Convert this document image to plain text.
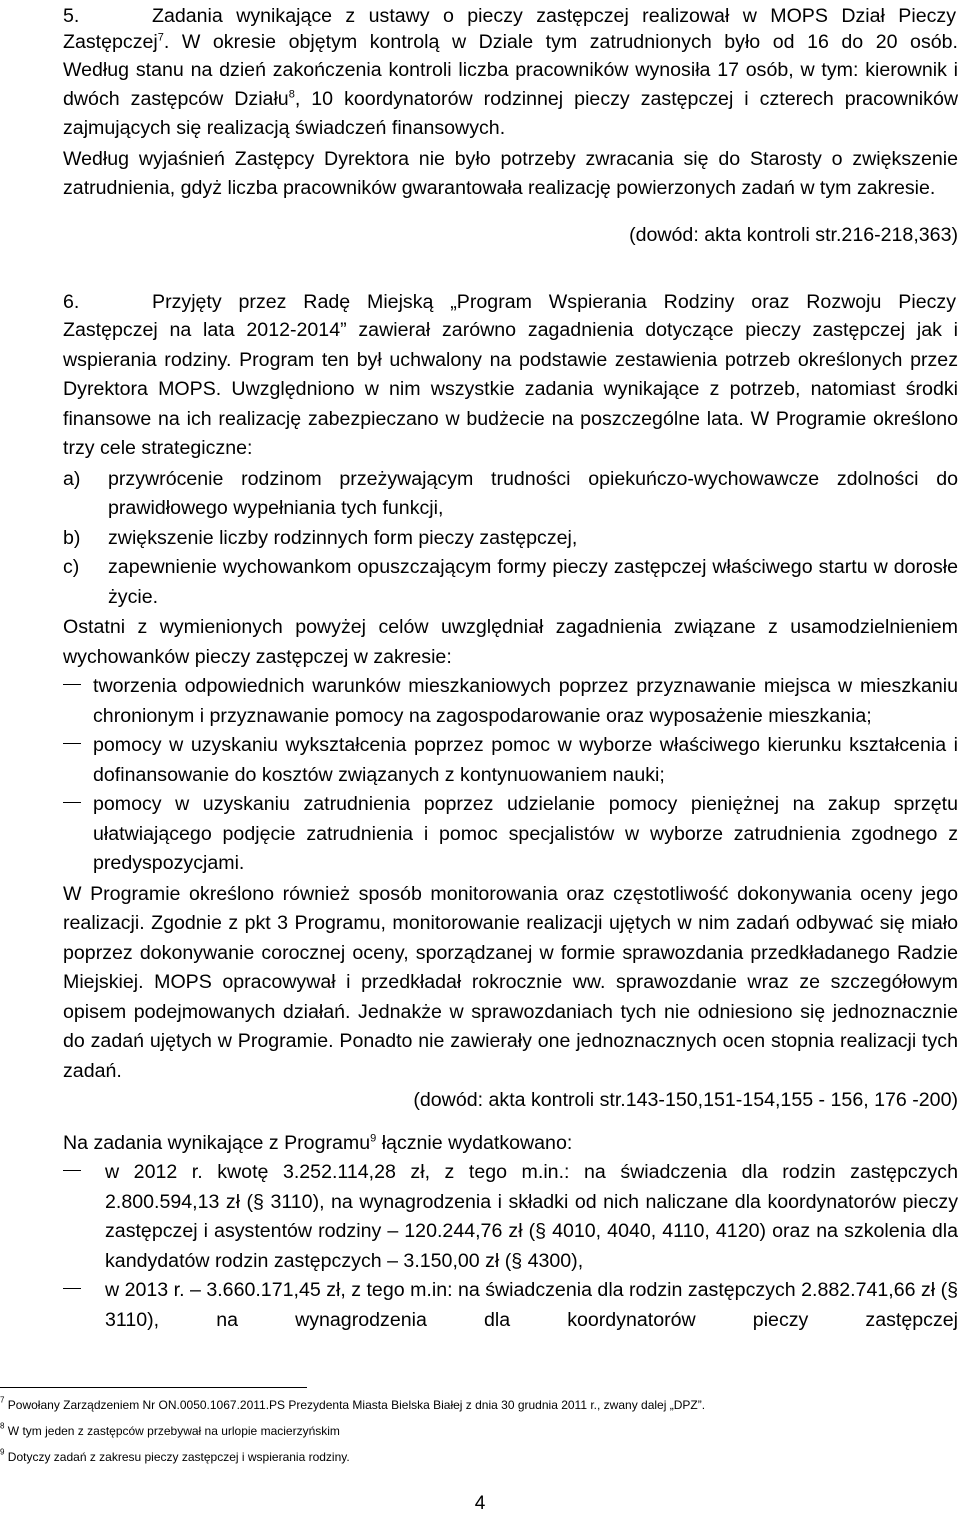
5.	Zadania wynikające z ustawy o pieczy zastępczej realizował w MOPS Dział Pieczy

Zastępczej$^7$. W okresie objętym kontrolą w Dziale tym zatrudnionych było od 16 do 20 osób.

Według stanu na dzień zakończenia kontroli liczba pracowników wynosiła 17 osób, w tym: kierownik i dwóch zastępców Działu$^8$, 10 koordynatorów rodzinnej pieczy zastępczej i czterech pracowników zajmujących się realizacją świadczeń finansowych.

Według wyjaśnień Zastępcy Dyrektora nie było potrzeby zwracania się do Starosty o zwiększenie zatrudnienia, gdyż liczba pracowników gwarantowała realizację powierzonych zadań w tym zakresie.

(dowód: akta kontroli str.216-218,363)

6.	Przyjęty przez Radę Miejską „Program Wspierania Rodziny oraz Rozwoju Pieczy

Zastępczej na lata 2012-2014” zawierał zarówno zagadnienia dotyczące pieczy zastępczej jak i wspierania rodziny. Program ten był uchwalony na podstawie zestawienia potrzeb określonych przez Dyrektora MOPS. Uwzględniono w nim wszystkie zadania wynikające z potrzeb, natomiast środki finansowe na ich realizację zabezpieczano w budżecie na poszczególne lata. W Programie określono trzy cele strategiczne:

a)	przywrócenie rodzinom przeżywającym trudności opiekuńczo-wychowawcze zdolności do prawidłowego wypełniania tych funkcji,
b)	zwiększenie liczby rodzinnych form pieczy zastępczej,
c)	zapewnienie wychowankom opuszczającym formy pieczy zastępczej właściwego startu w dorosłe życie.

Ostatni z wymienionych powyżej celów uwzględniał zagadnienia związane z usamodzielnieniem wychowanków pieczy zastępczej w zakresie:

tworzenia odpowiednich warunków mieszkaniowych poprzez przyznawanie miejsca w mieszkaniu chronionym i przyznawanie pomocy na zagospodarowanie oraz wyposażenie mieszkania;
pomocy w uzyskaniu wykształcenia poprzez pomoc w wyborze właściwego kierunku kształcenia i dofinansowanie do kosztów związanych z kontynuowaniem nauki;
pomocy w uzyskaniu zatrudnienia poprzez udzielanie pomocy pieniężnej na zakup sprzętu ułatwiającego podjęcie zatrudnienia i pomoc specjalistów w wyborze zatrudnienia zgodnego z predyspozycjami.

W Programie określono również sposób monitorowania oraz częstotliwość dokonywania oceny jego realizacji. Zgodnie z pkt 3 Programu, monitorowanie realizacji ujętych w nim zadań odbywać się miało poprzez dokonywanie corocznej oceny, sporządzanej w formie sprawozdania przedkładanego Radzie Miejskiej. MOPS opracowywał i przedkładał rokrocznie ww. sprawozdanie wraz ze szczegółowym opisem podejmowanych działań. Jednakże w sprawozdaniach tych nie odniesiono się jednoznacznie do zadań ujętych w Programie. Ponadto nie zawierały one jednoznacznych ocen stopnia realizacji tych zadań.

(dowód: akta kontroli str.143-150,151-154,155 - 156, 176 -200)

Na zadania wynikające z Programu$^9$ łącznie wydatkowano:

w 2012 r. kwotę 3.252.114,28 zł, z tego m.in.: na świadczenia dla rodzin zastępczych 2.800.594,13 zł (§ 3110), na wynagrodzenia i składki od nich naliczane dla koordynatorów pieczy zastępczej i asystentów rodziny – 120.244,76 zł (§ 4010, 4040, 4110, 4120) oraz na szkolenia dla kandydatów rodzin zastępczych – 3.150,00 zł (§ 4300),
w 2013 r. – 3.660.171,45 zł, z tego m.in: na świadczenia dla rodzin zastępczych 2.882.741,66 zł (§ 3110), na wynagrodzenia dla koordynatorów pieczy zastępczej
$^7$ Powołany Zarządzeniem Nr ON.0050.1067.2011.PS Prezydenta Miasta Bielska Białej z dnia 30 grudnia 2011 r., zwany dalej „DPZ”.
$^8$ W tym jeden z zastępców przebywał na urlopie macierzyńskim
$^9$ Dotyczy zadań z zakresu pieczy zastępczej i wspierania rodziny.
4
